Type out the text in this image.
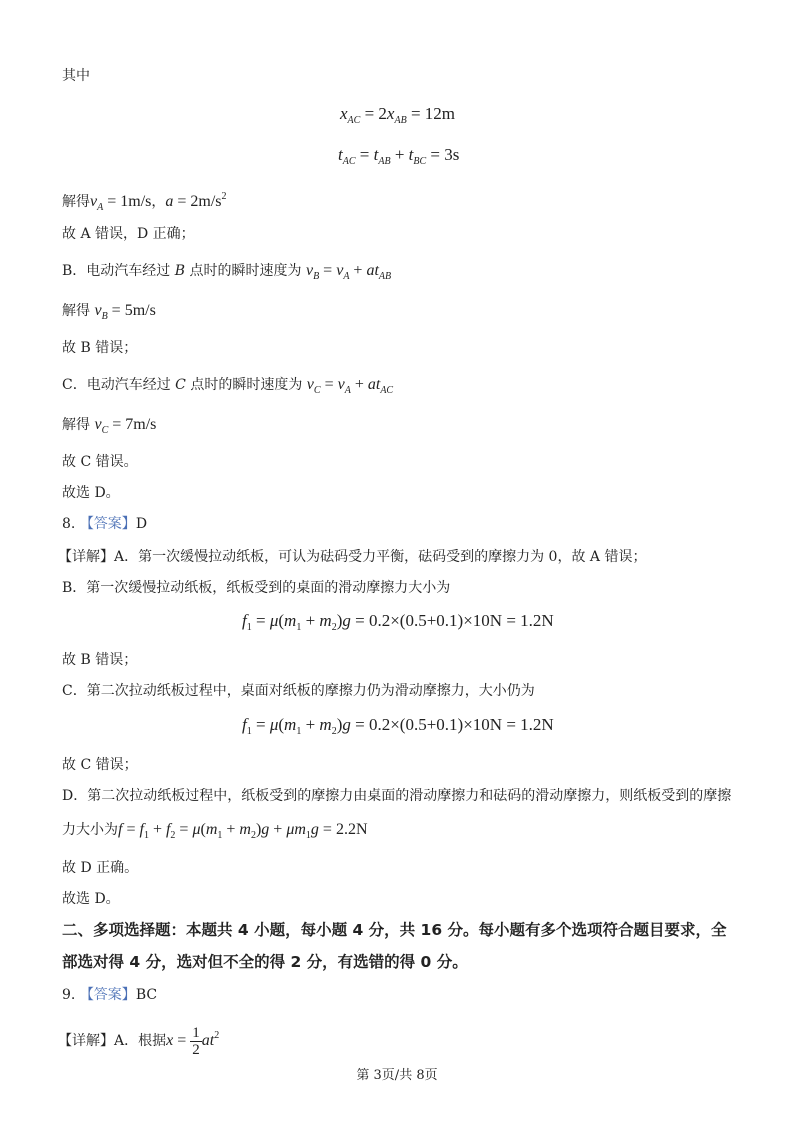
其中
$x_{AC} = 2x_{AB} = 12m$
$t_{AC} = t_{AB} + t_{BC} = 3s$
解得$v_A = 1m/s$，$a = 2m/s^2$
故 A 错误，D 正确；
B．电动汽车经过 B 点时的瞬时速度为 $v_B = v_A + at_{AB}$
解得 $v_B = 5m/s$
故 B 错误；
C．电动汽车经过 C 点时的瞬时速度为 $v_C = v_A + at_{AC}$
解得 $v_C = 7m/s$
故 C 错误。
故选 D。
8. 【答案】D
【详解】A．第一次缓慢拉动纸板，可认为砝码受力平衡，砝码受到的摩擦力为 0，故 A 错误；
B．第一次缓慢拉动纸板，纸板受到的桌面的滑动摩擦力大小为
$f_1 = \mu(m_1 + m_2)g = 0.2\times(0.5+0.1)\times 10N = 1.2N$
故 B 错误；
C．第二次拉动纸板过程中，桌面对纸板的摩擦力仍为滑动摩擦力，大小仍为
$f_1 = \mu(m_1 + m_2)g = 0.2\times(0.5+0.1)\times 10N = 1.2N$
故 C 错误；
D．第二次拉动纸板过程中，纸板受到的摩擦力由桌面的滑动摩擦力和砝码的滑动摩擦力，则纸板受到的摩擦
力大小为$f = f_1 + f_2 = \mu(m_1 + m_2)g + \mu m_1g = 2.2N$
故 D 正确。
故选 D。
二、多项选择题：本题共 4 小题，每小题 4 分，共 16 分。每小题有多个选项符合题目要求，全
部选对得 4 分，选对但不全的得 2 分，有选错的得 0 分。
9. 【答案】BC
【详解】A．根据$x = \frac{1}{2} at^2$
第 3页/共 8页
